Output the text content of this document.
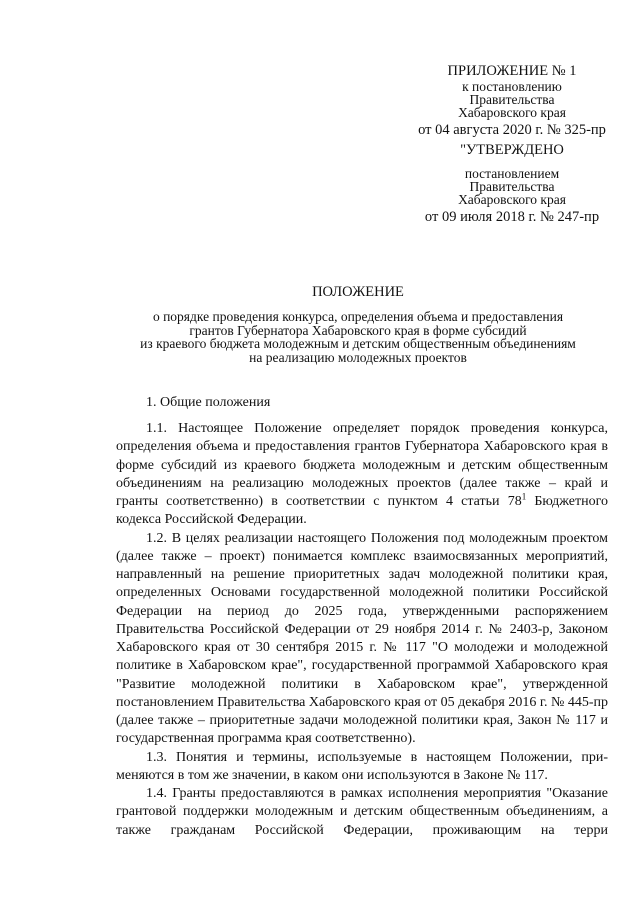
ПРИЛОЖЕНИЕ № 1
к постановлению
Правительства
Хабаровского края
от 04 августа 2020 г. № 325-пр
"УТВЕРЖДЕНО
постановлением
Правительства
Хабаровского края
от 09 июля 2018 г. № 247-пр
ПОЛОЖЕНИЕ
о порядке проведения конкурса, определения объема и предоставления
грантов Губернатора Хабаровского края в форме субсидий
из краевого бюджета молодежным и детским общественным объединениям
на реализацию молодежных проектов
1. Общие положения

1.1. Настоящее Положение определяет порядок проведения конкурса, определения объема и предоставления грантов Губернатора Хабаровского края в форме субсидий из краевого бюджета молодежным и детским общественным объединениям на реализацию молодежных проектов (далее также – край и гранты соответственно) в соответствии с пунктом 4 статьи $78^1$ Бюджетного кодекса Российской Федерации.

1.2. В целях реализации настоящего Положения под молодежным проектом (далее также – проект) понимается комплекс взаимосвязанных мероприятий, направленный на решение приоритетных задач молодежной политики края, определенных Основами государственной молодежной политики Российской Федерации на период до 2025 года, утвержденными распоряжением Правительства Российской Федерации от 29 ноября 2014 г. № 2403-р, Законом Хабаровского края от 30 сентября 2015 г. № 117 "О молодежи и молодежной политике в Хабаровском крае", государственной программой Хабаровского края "Развитие молодежной политики в Хабаровском крае", утвержденной постановлением Правительства Хабаровского края от 05 декабря 2016 г. № 445-пр (далее также – приоритетные задачи молодежной политики края, Закон № 117 и государственная программа края соответственно).

1.3. Понятия и термины, используемые в настоящем Положении, применяются в том же значении, в каком они используются в Законе № 117.

1.4. Гранты предоставляются в рамках исполнения мероприятия "Оказание грантовой поддержки молодежным и детским общественным объединениям, а также гражданам Российской Федерации, проживающим на терри
